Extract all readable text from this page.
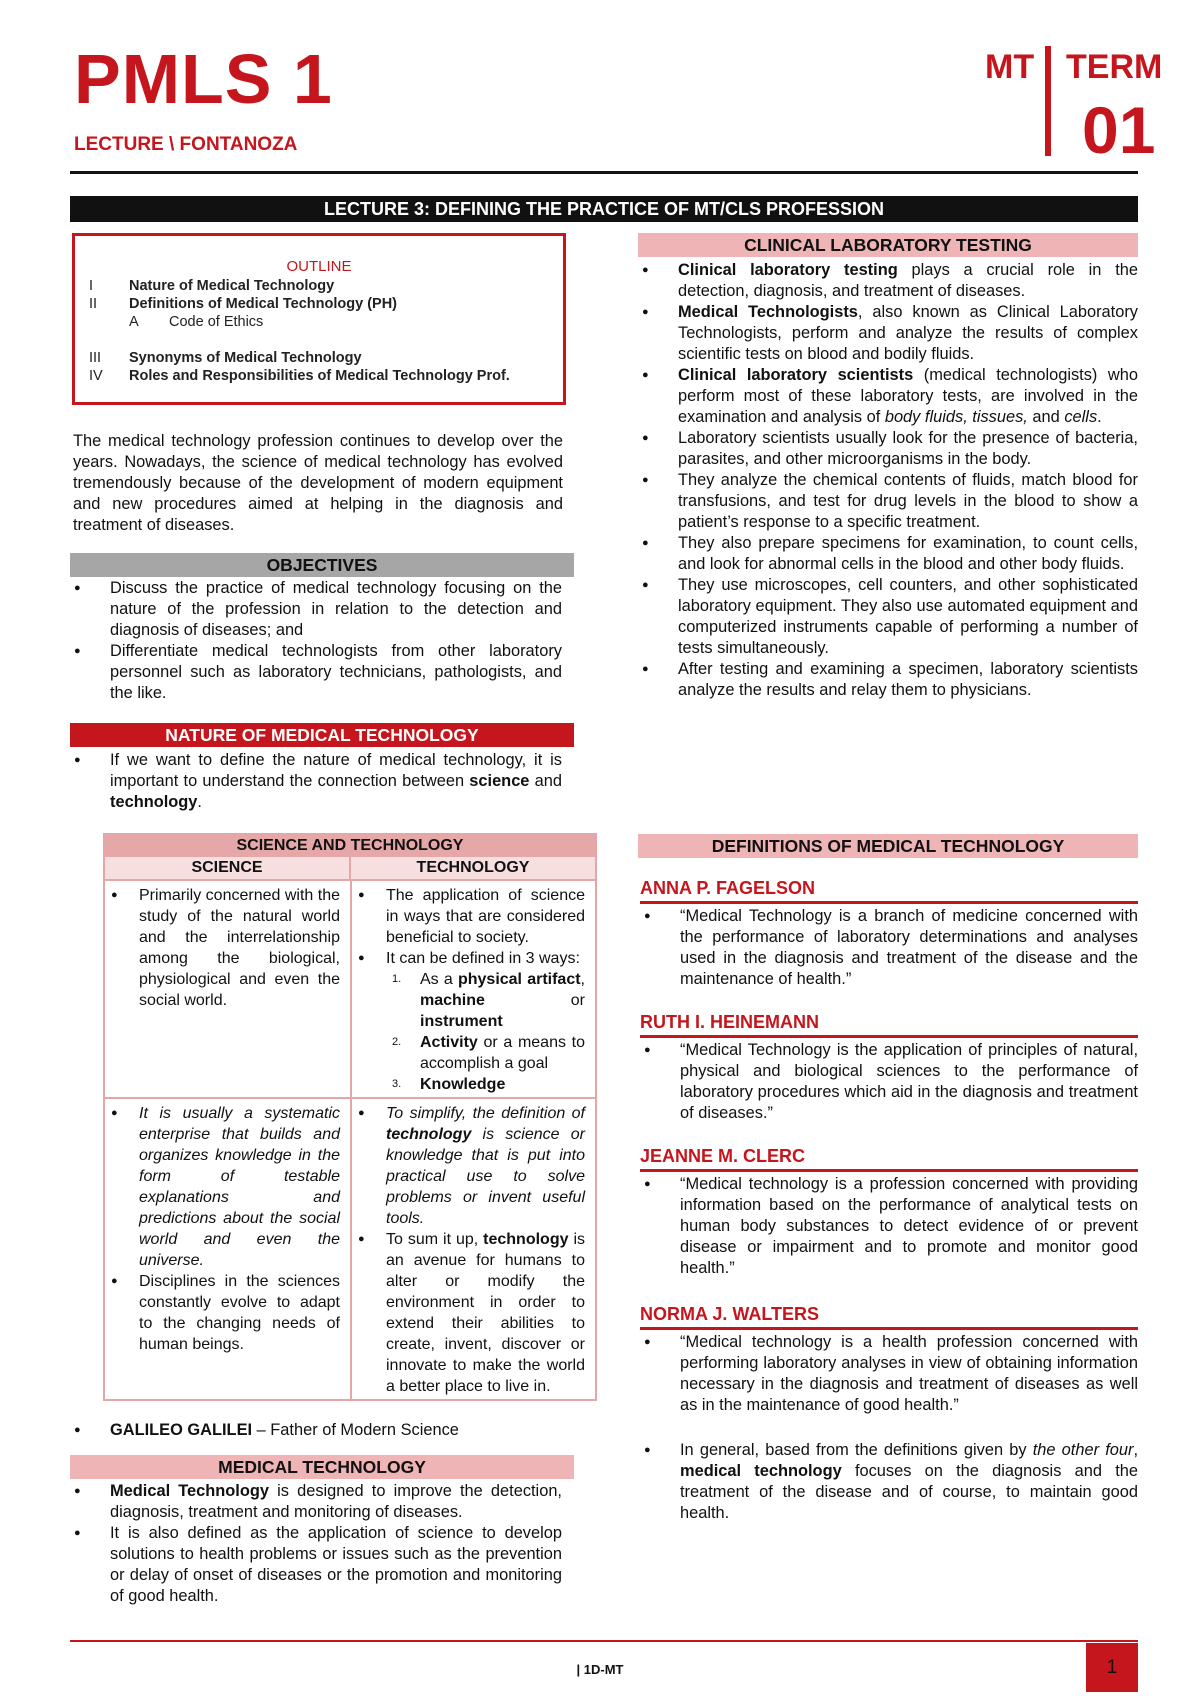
PMLS 1
LECTURE \ FONTANOZA
MT TERM
01
LECTURE 3: DEFINING THE PRACTICE OF MT/CLS PROFESSION
OUTLINE
I Nature of Medical Technology
II Definitions of Medical Technology (PH)
A Code of Ethics
III Synonyms of Medical Technology
IV Roles and Responsibilities of Medical Technology Prof.
The medical technology profession continues to develop over the years. Nowadays, the science of medical technology has evolved tremendously because of the development of modern equipment and new procedures aimed at helping in the diagnosis and treatment of diseases.
OBJECTIVES
● Discuss the practice of medical technology focusing on the nature of the profession in relation to the detection and diagnosis of diseases; and
● Differentiate medical technologists from other laboratory personnel such as laboratory technicians, pathologists, and the like.
NATURE OF MEDICAL TECHNOLOGY
● If we want to define the nature of medical technology, it is important to understand the connection between science and technology.
SCIENCE AND TECHNOLOGY
SCIENCE	TECHNOLOGY
● Primarily concerned with the study of the natural world and the interrelationship among the biological, physiological and even the social world.
● The application of science in ways that are considered beneficial to society.
● It can be defined in 3 ways:
1. As a physical artifact, machine or instrument
2. Activity or a means to accomplish a goal
3. Knowledge
● It is usually a systematic enterprise that builds and organizes knowledge in the form of testable explanations and predictions about the social world and even the universe.
● Disciplines in the sciences constantly evolve to adapt to the changing needs of human beings.
● To simplify, the definition of technology is science or knowledge that is put into practical use to solve problems or invent useful tools.
● To sum it up, technology is an avenue for humans to alter or modify the environment in order to extend their abilities to create, invent, discover or innovate to make the world a better place to live in.
● GALILEO GALILEI – Father of Modern Science
MEDICAL TECHNOLOGY
● Medical Technology is designed to improve the detection, diagnosis, treatment and monitoring of diseases.
● It is also defined as the application of science to develop solutions to health problems or issues such as the prevention or delay of onset of diseases or the promotion and monitoring of good health.
CLINICAL LABORATORY TESTING
● Clinical laboratory testing plays a crucial role in the detection, diagnosis, and treatment of diseases.
● Medical Technologists, also known as Clinical Laboratory Technologists, perform and analyze the results of complex scientific tests on blood and bodily fluids.
● Clinical laboratory scientists (medical technologists) who perform most of these laboratory tests, are involved in the examination and analysis of body fluids, tissues, and cells.
● Laboratory scientists usually look for the presence of bacteria, parasites, and other microorganisms in the body.
● They analyze the chemical contents of fluids, match blood for transfusions, and test for drug levels in the blood to show a patient’s response to a specific treatment.
● They also prepare specimens for examination, to count cells, and look for abnormal cells in the blood and other body fluids.
● They use microscopes, cell counters, and other sophisticated laboratory equipment. They also use automated equipment and computerized instruments capable of performing a number of tests simultaneously.
● After testing and examining a specimen, laboratory scientists analyze the results and relay them to physicians.
DEFINITIONS OF MEDICAL TECHNOLOGY
ANNA P. FAGELSON
● “Medical Technology is a branch of medicine concerned with the performance of laboratory determinations and analyses used in the diagnosis and treatment of the disease and the maintenance of health.”
RUTH I. HEINEMANN
● “Medical Technology is the application of principles of natural, physical and biological sciences to the performance of laboratory procedures which aid in the diagnosis and treatment of diseases.”
JEANNE M. CLERC
● “Medical technology is a profession concerned with providing information based on the performance of analytical tests on human body substances to detect evidence of or prevent disease or impairment and to promote and monitor good health.”
NORMA J. WALTERS
● “Medical technology is a health profession concerned with performing laboratory analyses in view of obtaining information necessary in the diagnosis and treatment of diseases as well as in the maintenance of good health.”
● In general, based from the definitions given by the other four, medical technology focuses on the diagnosis and the treatment of the disease and of course, to maintain good health.
| 1D-MT	1
